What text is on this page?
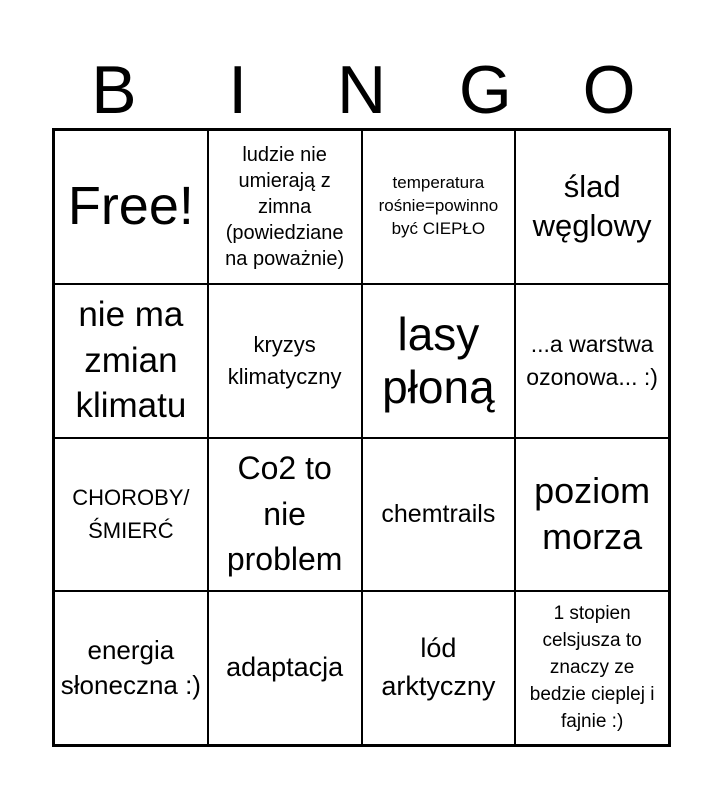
B	I	N	G	O
Free!
ludzie nie umierają z zimna (powiedziane na poważnie)
temperatura rośnie=powinno być CIEPŁO
ślad węglowy
nie ma zmian klimatu
kryzys klimatyczny
lasy płoną
...a warstwa ozonowa... :)
CHOROBY/ ŚMIERĆ
Co2 to nie problem
chemtrails
poziom morza
energia słoneczna :)
adaptacja
lód arktyczny
1 stopien celsjusza to znaczy ze bedzie cieplej i fajnie :)
